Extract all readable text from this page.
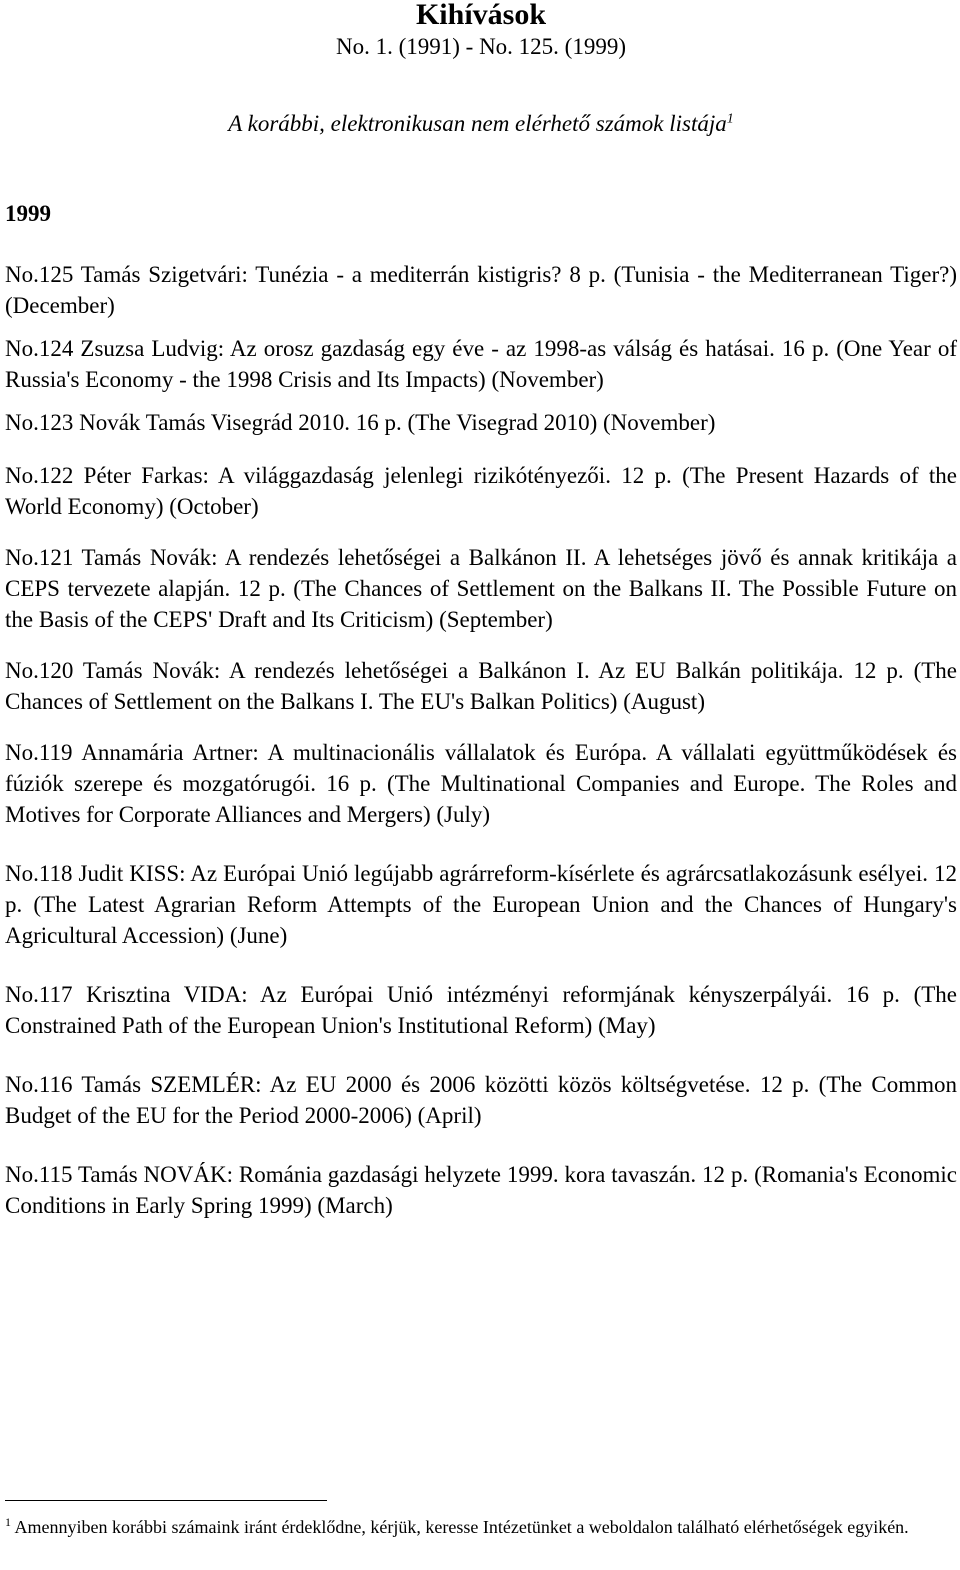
Kihívások

No. 1. (1991) - No. 125. (1999)

A korábbi, elektronikusan nem elérhető számok listája$^1$

1999

No.125 Tamás Szigetvári: Tunézia - a mediterrán kistigris? 8 p. (Tunisia - the Mediterranean Tiger?) (December)

No.124 Zsuzsa Ludvig: Az orosz gazdaság egy éve - az 1998-as válság és hatásai. 16 p. (One Year of Russia's Economy - the 1998 Crisis and Its Impacts) (November)

No.123 Novák Tamás Visegrád 2010. 16 p. (The Visegrad 2010) (November)

No.122 Péter Farkas: A világgazdaság jelenlegi rizikótényezői. 12 p. (The Present Hazards of the World Economy) (October)

No.121 Tamás Novák: A rendezés lehetőségei a Balkánon II. A lehetséges jövő és annak kritikája a CEPS tervezete alapján. 12 p. (The Chances of Settlement on the Balkans II. The Possible Future on the Basis of the CEPS' Draft and Its Criticism) (September)

No.120 Tamás Novák: A rendezés lehetőségei a Balkánon I. Az EU Balkán politikája. 12 p. (The Chances of Settlement on the Balkans I. The EU's Balkan Politics) (August)

No.119 Annamária Artner: A multinacionális vállalatok és Európa. A vállalati együttműködések és fúziók szerepe és mozgatórugói. 16 p. (The Multinational Companies and Europe. The Roles and Motives for Corporate Alliances and Mergers) (July)

No.118 Judit KISS: Az Európai Unió legújabb agrárreform-kísérlete és agrárcsatlakozásunk esélyei. 12 p. (The Latest Agrarian Reform Attempts of the European Union and the Chances of Hungary's Agricultural Accession) (June)

No.117 Krisztina VIDA: Az Európai Unió intézményi reformjának kényszerpályái. 16 p. (The Constrained Path of the European Union's Institutional Reform) (May)

No.116 Tamás SZEMLÉR: Az EU 2000 és 2006 közötti közös költségvetése. 12 p. (The Common Budget of the EU for the Period 2000-2006) (April)

No.115 Tamás NOVÁK: Románia gazdasági helyzete 1999. kora tavaszán. 12 p. (Romania's Economic Conditions in Early Spring 1999) (March)

$^1$ Amennyiben korábbi számaink iránt érdeklődne, kérjük, keresse Intézetünket a weboldalon található elérhetőségek egyikén.
